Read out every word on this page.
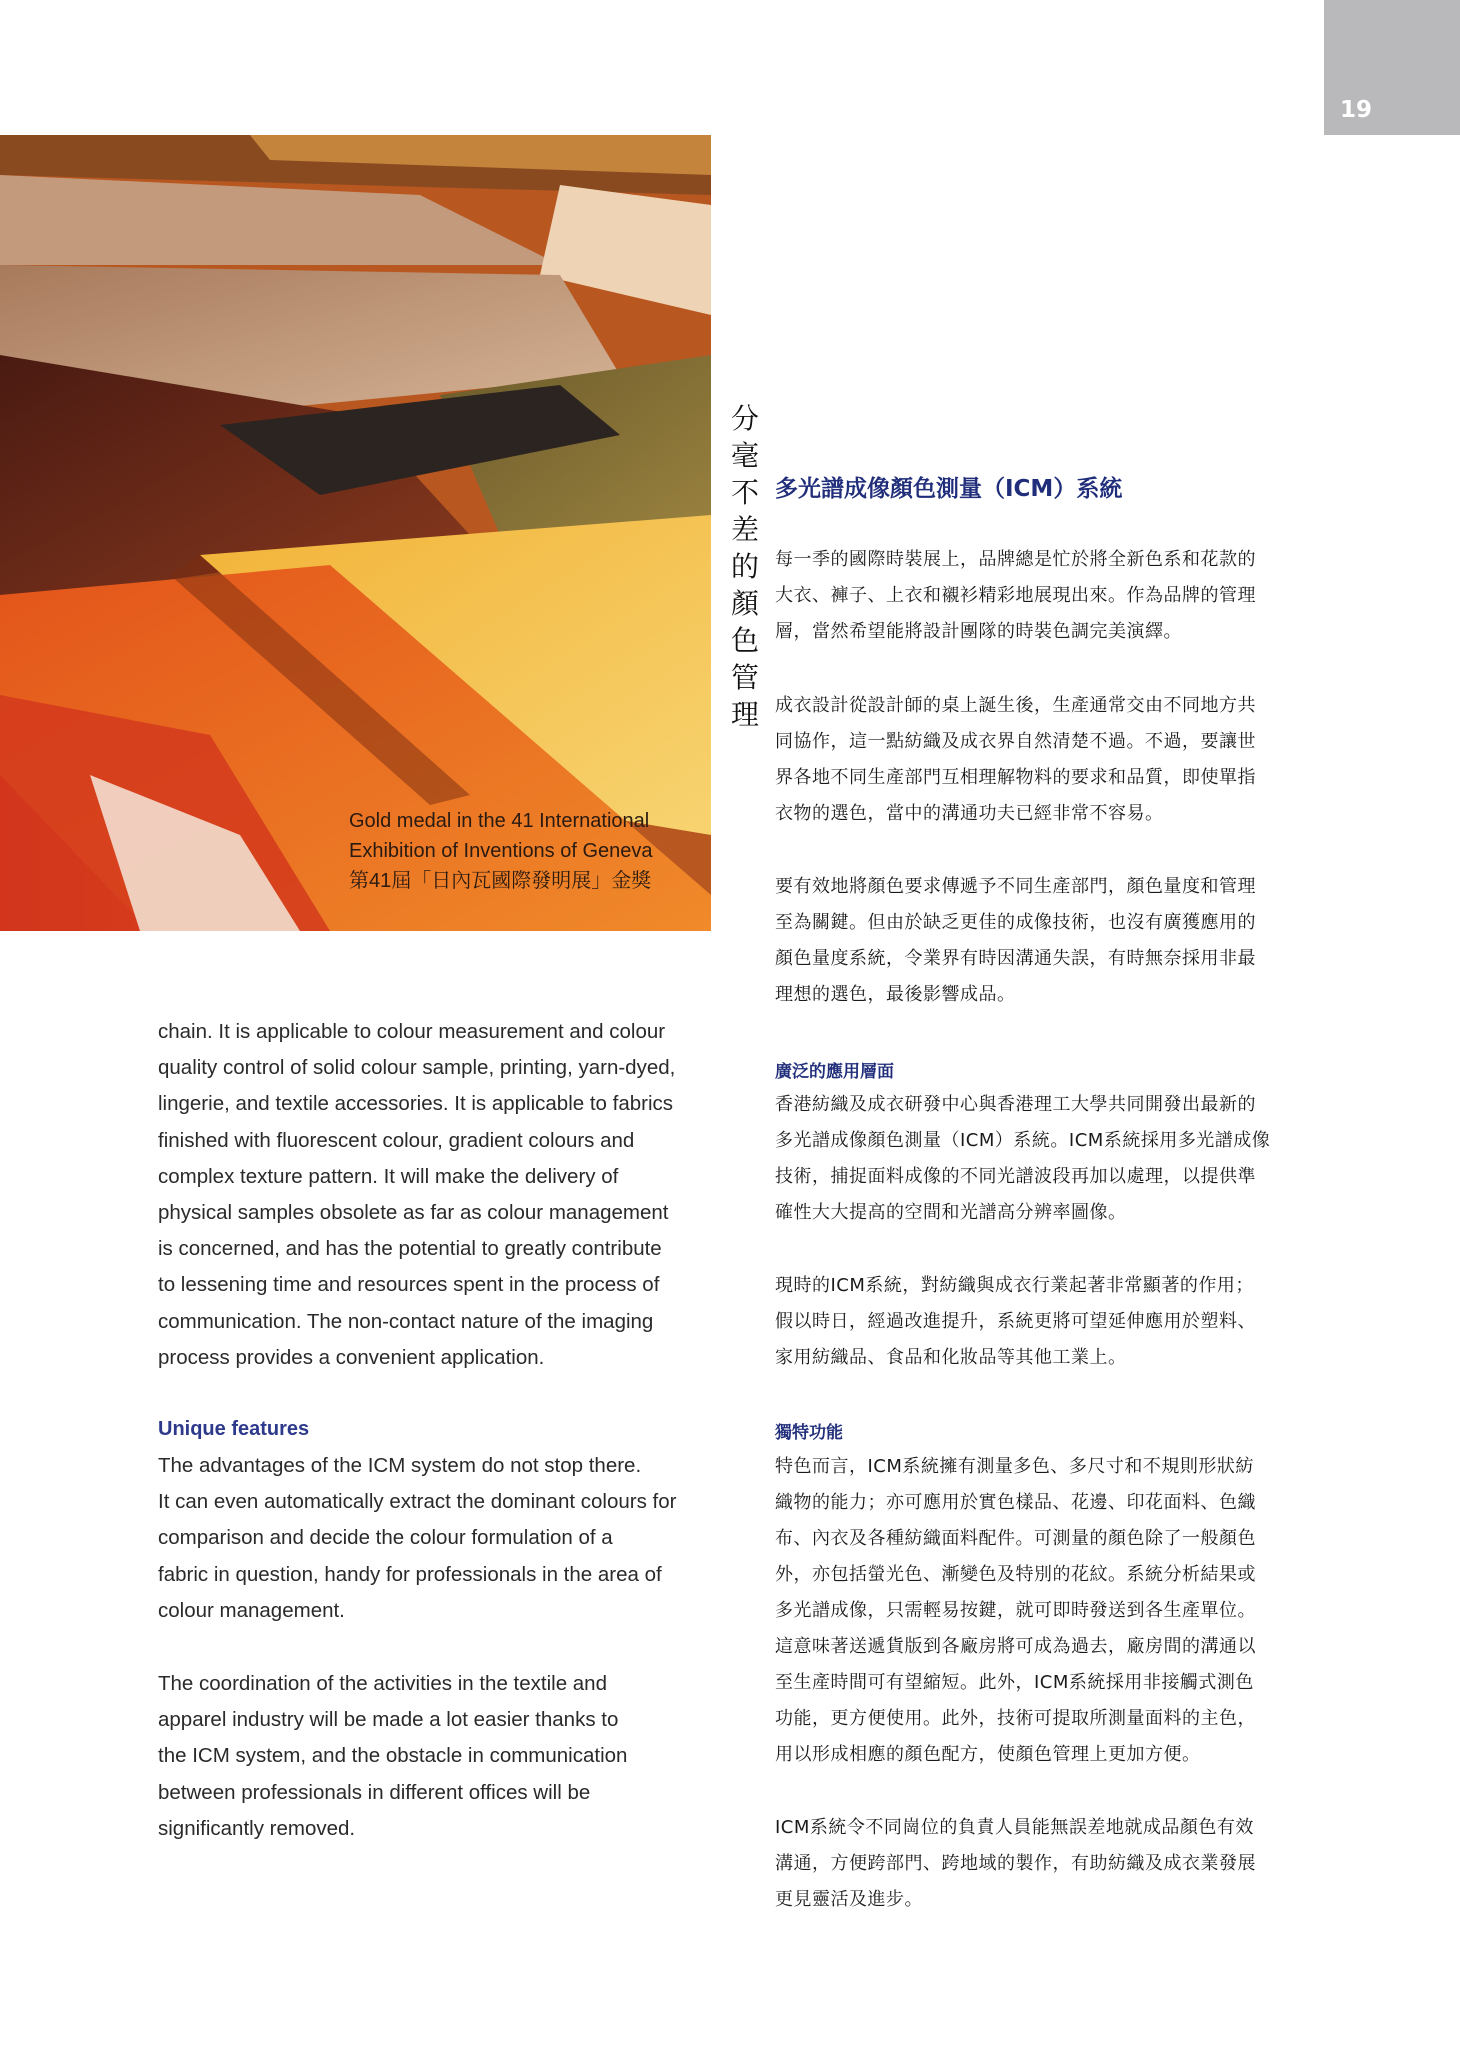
19
Gold medal in the 41 International
Exhibition of Inventions of Geneva
第41屆「日內瓦國際發明展」金獎
分毫不差的顏色管理
多光譜成像顏色測量（ICM）系統
每一季的國際時裝展上，品牌總是忙於將全新色系和花款的
大衣、褲子、上衣和襯衫精彩地展現出來。作為品牌的管理
層，當然希望能將設計團隊的時裝色調完美演繹。
成衣設計從設計師的桌上誕生後，生產通常交由不同地方共
同協作，這一點紡織及成衣界自然清楚不過。不過，要讓世
界各地不同生產部門互相理解物料的要求和品質，即使單指
衣物的選色，當中的溝通功夫已經非常不容易。
要有效地將顏色要求傳遞予不同生產部門，顏色量度和管理
至為關鍵。但由於缺乏更佳的成像技術，也沒有廣獲應用的
顏色量度系統，令業界有時因溝通失誤，有時無奈採用非最
理想的選色，最後影響成品。
廣泛的應用層面
香港紡織及成衣研發中心與香港理工大學共同開發出最新的
多光譜成像顏色測量（ICM）系統。ICM系統採用多光譜成像
技術，捕捉面料成像的不同光譜波段再加以處理，以提供準
確性大大提高的空間和光譜高分辨率圖像。
現時的ICM系統，對紡織與成衣行業起著非常顯著的作用；
假以時日，經過改進提升，系統更將可望延伸應用於塑料、
家用紡織品、食品和化妝品等其他工業上。
獨特功能
特色而言，ICM系統擁有測量多色、多尺寸和不規則形狀紡
織物的能力；亦可應用於實色樣品、花邊、印花面料、色織
布、內衣及各種紡織面料配件。可測量的顏色除了一般顏色
外，亦包括螢光色、漸變色及特別的花紋。系統分析結果或
多光譜成像，只需輕易按鍵，就可即時發送到各生產單位。
這意味著送遞貨版到各廠房將可成為過去，廠房間的溝通以
至生產時間可有望縮短。此外，ICM系統採用非接觸式測色
功能，更方便使用。此外，技術可提取所測量面料的主色，
用以形成相應的顏色配方，使顏色管理上更加方便。
ICM系統令不同崗位的負責人員能無誤差地就成品顏色有效
溝通，方便跨部門、跨地域的製作，有助紡織及成衣業發展
更見靈活及進步。
chain. It is applicable to colour measurement and colour
quality control of solid colour sample, printing, yarn-dyed,
lingerie, and textile accessories. It is applicable to fabrics
finished with fluorescent colour, gradient colours and
complex texture pattern. It will make the delivery of
physical samples obsolete as far as colour management
is concerned, and has the potential to greatly contribute
to lessening time and resources spent in the process of
communication. The non-contact nature of the imaging
process provides a convenient application.
Unique features
The advantages of the ICM system do not stop there.
It can even automatically extract the dominant colours for
comparison and decide the colour formulation of a
fabric in question, handy for professionals in the area of
colour management.
The coordination of the activities in the textile and
apparel industry will be made a lot easier thanks to
the ICM system, and the obstacle in communication
between professionals in different offices will be
significantly removed.
